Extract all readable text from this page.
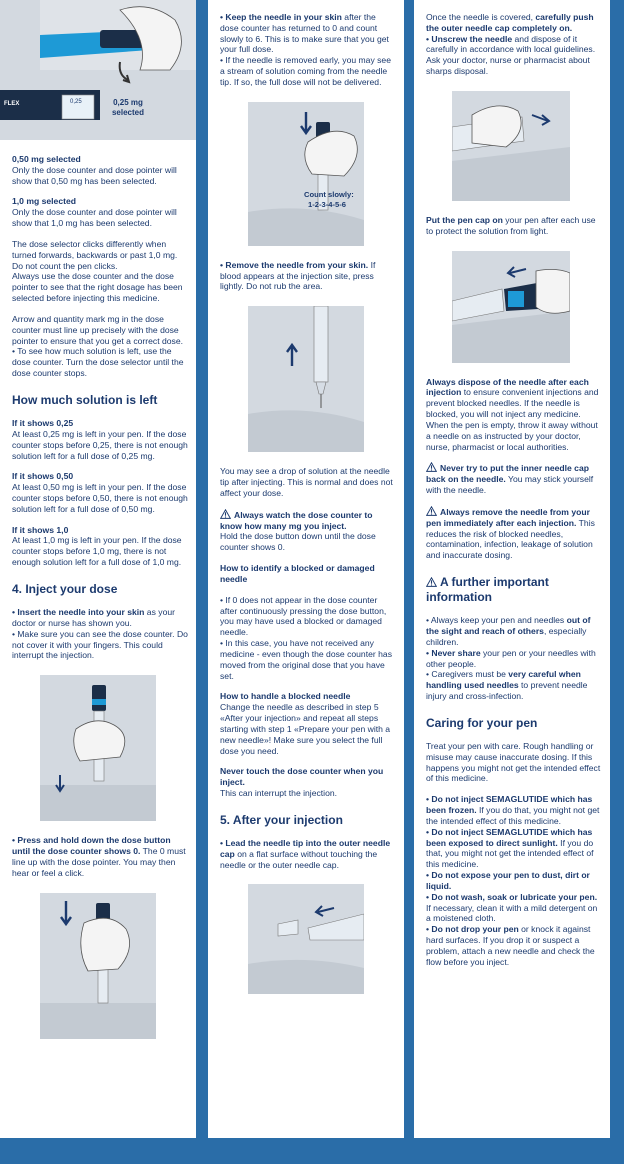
FLEX	0,25	0,25 mg selected

0,50 mg selected

Only the dose counter and dose pointer will show that 0,50 mg has been selected.

1,0 mg selected

Only the dose counter and dose pointer will show that 1,0 mg has been selected.

The dose selector clicks differently when turned forwards, backwards or past 1,0 mg.

Do not count the pen clicks.

Always use the dose counter and the dose pointer to see that the right dosage has been selected before injecting this medicine.

Arrow and quantity mark mg in the dose counter must line up precisely with the dose pointer to ensure that you get a correct dose.

• To see how much solution is left, use the dose counter. Turn the dose selector until the dose counter stops.

How much solution is left

If it shows 0,25

At least 0,25 mg is left in your pen. If the dose counter stops before 0,25, there is not enough solution left for a full dose of 0,25 mg.

If it shows 0,50

At least 0,50 mg is left in your pen. If the dose counter stops before 0,50, there is not enough solution left for a full dose of 0,50 mg.

If it shows 1,0

At least 1,0 mg is left in your pen. If the dose counter stops before 1,0 mg, there is not enough solution left for a full dose of 1,0 mg.

4. Inject your dose

• Insert the needle into your skin as your doctor or nurse has shown you.

• Make sure you can see the dose counter. Do not cover it with your fingers. This could interrupt the injection.

• Press and hold down the dose button until the dose counter shows 0. The 0 must line up with the dose pointer. You may then hear or feel a click.

• Keep the needle in your skin after the dose counter has returned to 0 and count slowly to 6. This is to make sure that you get your full dose.

• If the needle is removed early, you may see a stream of solution coming from the needle tip. If so, the full dose will not be delivered.

Count slowly:
1-2-3-4-5-6

• Remove the needle from your skin. If blood appears at the injection site, press lightly. Do not rub the area.

You may see a drop of solution at the needle tip after injecting. This is normal and does not affect your dose.

Always watch the dose counter to know how many mg you inject.

Hold the dose button down until the dose counter shows 0.

How to identify a blocked or damaged needle

• If 0 does not appear in the dose counter after continuously pressing the dose button, you may have used a blocked or damaged needle.

• In this case, you have not received any medicine - even though the dose counter has moved from the original dose that you have set.

How to handle a blocked needle

Change the needle as described in step 5 «After your injection» and repeat all steps starting with step 1 «Prepare your pen with a new needle»! Make sure you select the full dose you need.

Never touch the dose counter when you inject.

This can interrupt the injection.

5. After your injection

• Lead the needle tip into the outer needle cap on a flat surface without touching the needle or the outer needle cap.

Once the needle is covered, carefully push the outer needle cap completely on.

• Unscrew the needle and dispose of it carefully in accordance with local guidelines. Ask your doctor, nurse or pharmacist about sharps disposal.

Put the pen cap on your pen after each use to protect the solution from light.

Always dispose of the needle after each injection to ensure convenient injections and prevent blocked needles. If the needle is blocked, you will not inject any medicine. When the pen is empty, throw it away without a needle on as instructed by your doctor, nurse, pharmacist or local authorities.

Never try to put the inner needle cap back on the needle. You may stick yourself with the needle.

Always remove the needle from your pen immediately after each injection. This reduces the risk of blocked needles, contamination, infection, leakage of solution and inaccurate dosing.

A further important information

• Always keep your pen and needles out of the sight and reach of others, especially children.

• Never share your pen or your needles with other people.

• Caregivers must be very careful when handling used needles to prevent needle injury and cross-infection.

Caring for your pen

Treat your pen with care. Rough handling or misuse may cause inaccurate dosing. If this happens you might not get the intended effect of this medicine.

• Do not inject SEMAGLUTIDE which has been frozen. If you do that, you might not get the intended effect of this medicine.

• Do not inject SEMAGLUTIDE which has been exposed to direct sunlight. If you do that, you might not get the intended effect of this medicine.

• Do not expose your pen to dust, dirt or liquid.

• Do not wash, soak or lubricate your pen. If necessary, clean it with a mild detergent on a moistened cloth.

• Do not drop your pen or knock it against hard surfaces. If you drop it or suspect a problem, attach a new needle and check the flow before you inject.
